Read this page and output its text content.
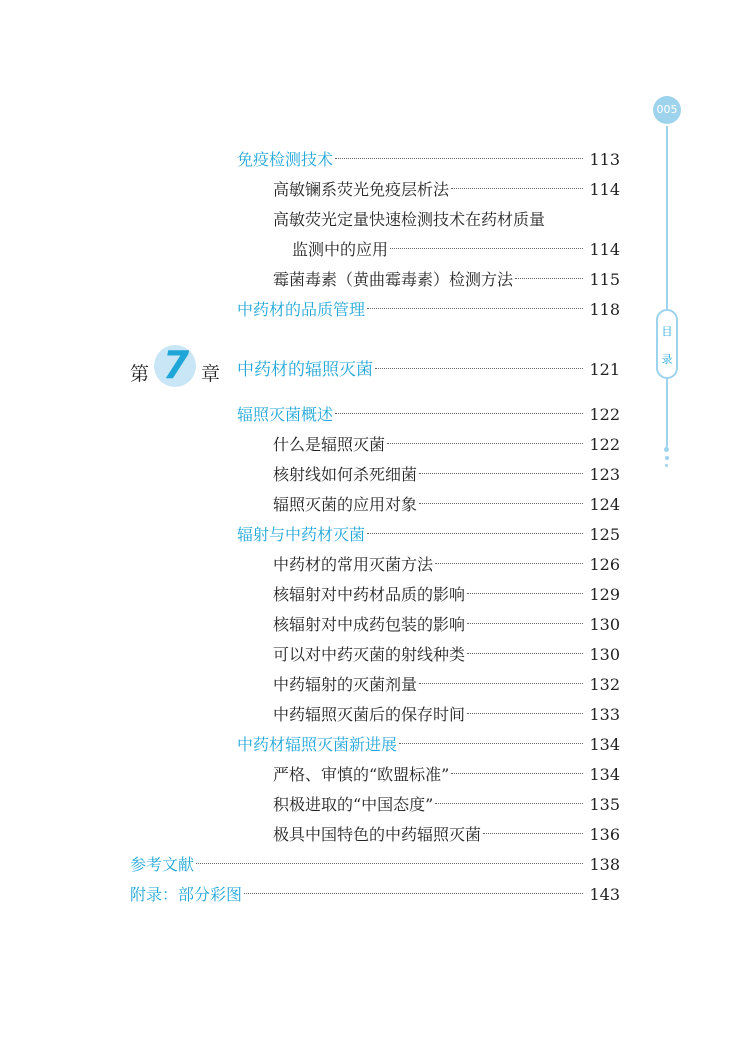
005
目
录
免疫检测技术	113
高敏镧系荧光免疫层析法	114
高敏荧光定量快速检测技术在药材质量
监测中的应用	114
霉菌毒素（黄曲霉毒素）检测方法	115
中药材的品质管理	118
第 7 章 中药材的辐照灭菌	121
辐照灭菌概述	122
什么是辐照灭菌	122
核射线如何杀死细菌	123
辐照灭菌的应用对象	124
辐射与中药材灭菌	125
中药材的常用灭菌方法	126
核辐射对中药材品质的影响	129
核辐射对中成药包装的影响	130
可以对中药灭菌的射线种类	130
中药辐射的灭菌剂量	132
中药辐照灭菌后的保存时间	133
中药材辐照灭菌新进展	134
严格、审慎的“欧盟标准”	134
积极进取的“中国态度”	135
极具中国特色的中药辐照灭菌	136
参考文献	138
附录：部分彩图	143
